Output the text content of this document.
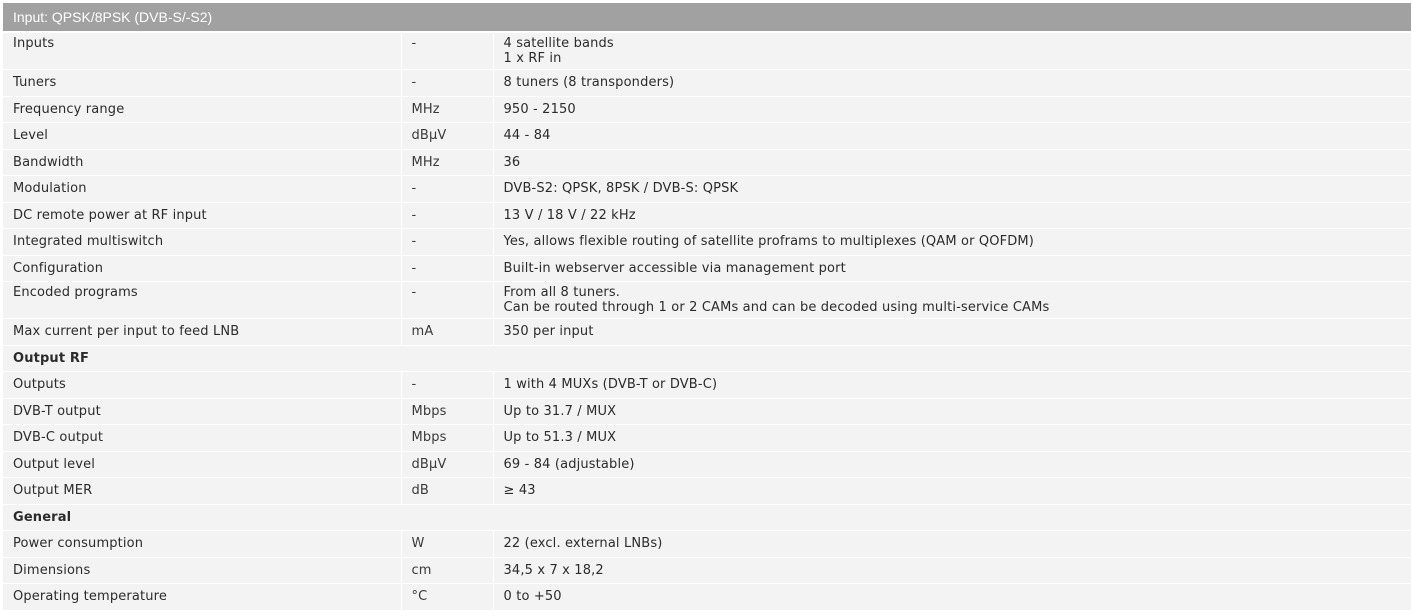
Input: QPSK/8PSK (DVB-S/-S2)		
Inputs	-	4 satellite bands
1 x RF in

Tuners	-	8 tuners (8 transponders)

Frequency range	MHz	950 - 2150

Level	dBµV	44 - 84

Bandwidth	MHz	36

Modulation	-	DVB-S2: QPSK, 8PSK / DVB-S: QPSK

DC remote power at RF input	-	13 V / 18 V / 22 kHz

Integrated multiswitch	-	Yes, allows flexible routing of satellite proframs to multiplexes (QAM or QOFDM)

Configuration	-	Built-in webserver accessible via management port

Encoded programs	-	From all 8 tuners.
Can be routed through 1 or 2 CAMs and can be decoded using multi-service CAMs

Max current per input to feed LNB	mA	350 per input

Output RF		
Outputs	-	1 with 4 MUXs (DVB-T or DVB-C)

DVB-T output	Mbps	Up to 31.7 / MUX

DVB-C output	Mbps	Up to 51.3 / MUX

Output level	dBµV	69 - 84 (adjustable)

Output MER	dB	≥ 43

General		
Power consumption	W	22 (excl. external LNBs)

Dimensions	cm	34,5 x 7 x 18,2

Operating temperature	°C	0 to +50
